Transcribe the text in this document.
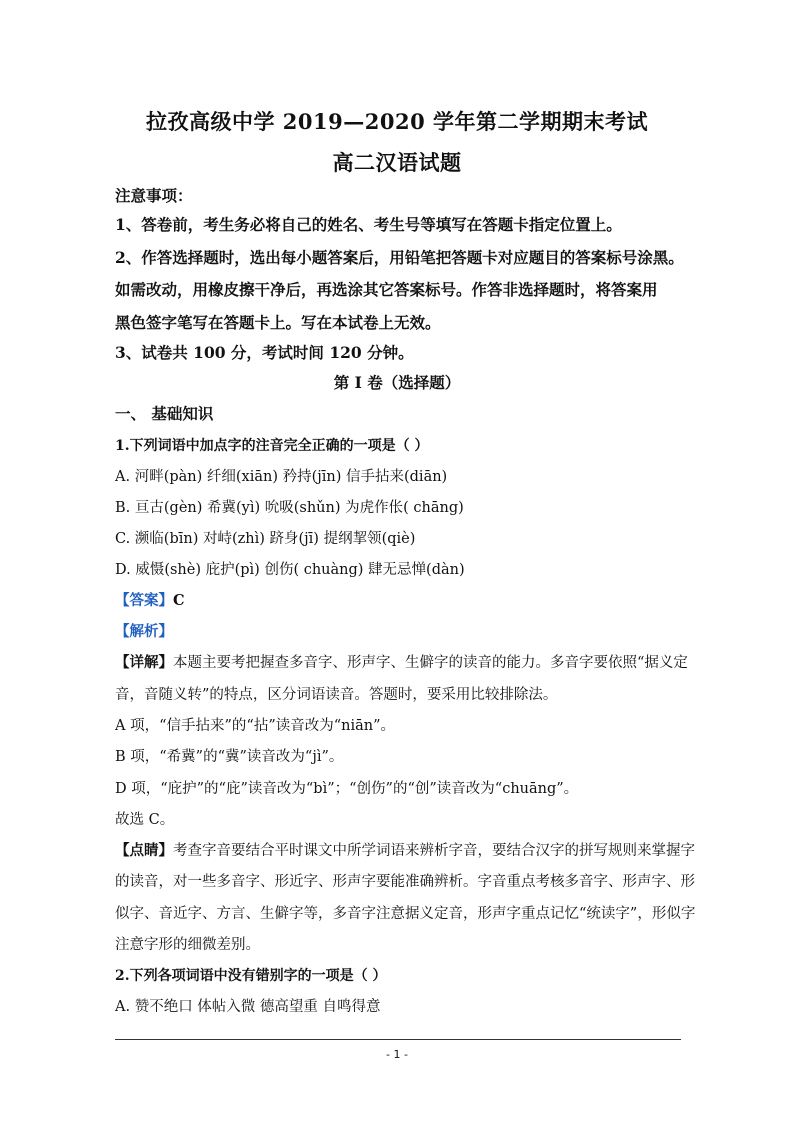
拉孜高级中学 2019—2020 学年第二学期期末考试
高二汉语试题
注意事项：
1、答卷前，考生务必将自己的姓名、考生号等填写在答题卡指定位置上。
2、作答选择题时，选出每小题答案后，用铅笔把答题卡对应题目的答案标号涂黑。
如需改动，用橡皮擦干净后，再选涂其它答案标号。作答非选择题时，将答案用
黑色签字笔写在答题卡上。写在本试卷上无效。
3、试卷共 100 分，考试时间 120 分钟。
第 I 卷（选择题）
一、 基础知识
1.下列词语中加点字的注音完全正确的一项是（ ）
A. 河畔(pàn) 纤细(xiān) 矜持(jīn) 信手拈来(diān)
B. 亘古(gèn) 希冀(yì) 吮吸(shǔn) 为虎作伥( chāng)
C. 濒临(bīn) 对峙(zhì) 跻身(jī) 提纲挈领(qiè)
D. 威慑(shè) 庇护(pì) 创伤( chuàng) 肆无忌惮(dàn)
【答案】C
【解析】
【详解】本题主要考把握查多音字、形声字、生僻字的读音的能力。多音字要依照“据义定
音，音随义转”的特点，区分词语读音。答题时，要采用比较排除法。
A 项，“信手拈来”的“拈”读音改为“niān”。
B 项，“希冀”的“冀”读音改为“jì”。
D 项，“庇护”的“庇”读音改为“bì”；“创伤”的“创”读音改为“chuāng”。
故选 C。
【点睛】考查字音要结合平时课文中所学词语来辨析字音，要结合汉字的拼写规则来掌握字
的读音，对一些多音字、形近字、形声字要能准确辨析。字音重点考核多音字、形声字、形
似字、音近字、方言、生僻字等，多音字注意据义定音，形声字重点记忆“统读字”，形似字
注意字形的细微差别。
2.下列各项词语中没有错别字的一项是（ ）
A. 赞不绝口 体帖入微 德高望重 自鸣得意
- 1 -
